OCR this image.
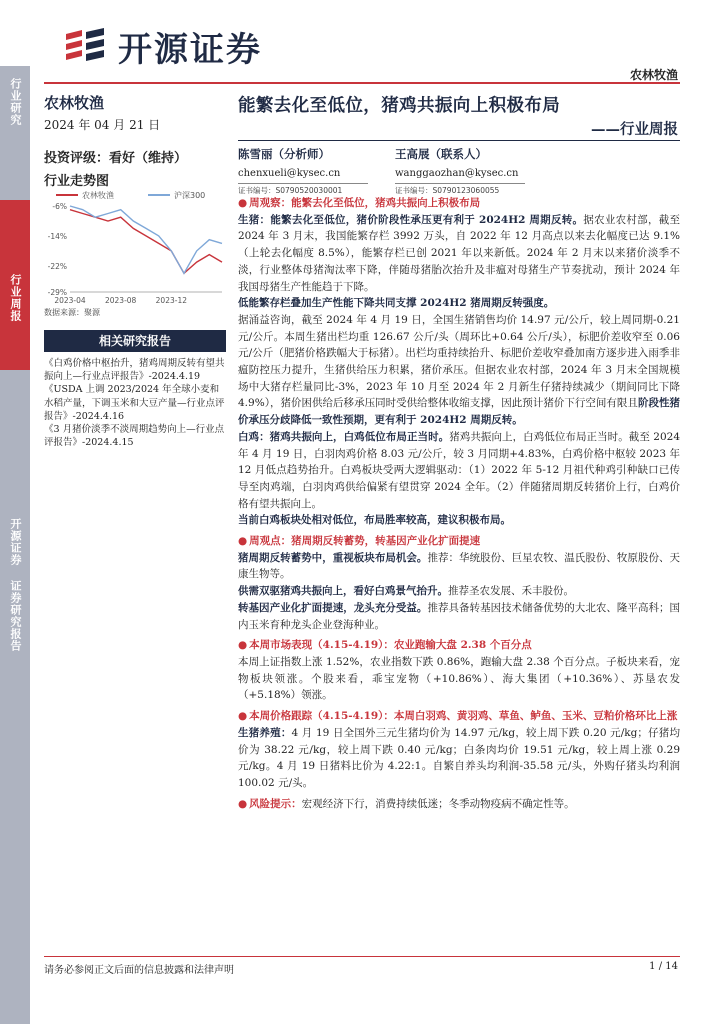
开源证券
农林牧渔
行业研究
行业周报
开源证券 证券研究报告
农林牧渔
2024 年 04 月 21 日
投资评级：看好（维持）
行业走势图
农林牧渔	沪深300
-6%
-14%
-22%
-29%
2023-04	2023-08	2023-12
数据来源：聚源
相关研究报告
《白鸡价格中枢抬升，猪鸡周期反转有望共振向上—行业点评报告》-2024.4.19
《USDA 上调 2023/2024 年全球小麦和水稻产量，下调玉米和大豆产量—行业点评报告》-2024.4.16
《3 月猪价淡季不淡周期趋势向上—行业点评报告》-2024.4.15
能繁去化至低位，猪鸡共振向上积极布局
——行业周报
陈雪丽（分析师）
chenxueli@kysec.cn
证书编号：S0790520030001
王高展（联系人）
wanggaozhan@kysec.cn
证书编号：S0790123060055

● 周观察：能繁去化至低位，猪鸡共振向上积极布局

生猪：能繁去化至低位，猪价阶段性承压更有利于 2024H2 周期反转。据农业农村部，截至 2024 年 3 月末，我国能繁存栏 3992 万头，自 2022 年 12 月高点以来去化幅度已达 9.1%（上轮去化幅度 8.5%），能繁存栏已创 2021 年以来新低。2024 年 2 月末以来猪价淡季不淡，行业整体母猪淘汰率下降，伴随母猪胎次抬升及非瘟对母猪生产节奏扰动，预计 2024 年我国母猪生产性能趋于下降。

低能繁存栏叠加生产性能下降共同支撑 2024H2 猪周期反转强度。

据涌益咨询，截至 2024 年 4 月 19 日，全国生猪销售均价 14.97 元/公斤，较上周同期-0.21 元/公斤。本周生猪出栏均重 126.67 公斤/头（周环比+0.64 公斤/头），标肥价差收窄至 0.06 元/公斤（肥猪价格跌幅大于标猪）。出栏均重持续抬升、标肥价差收窄叠加南方逐步进入雨季非瘟防控压力提升，生猪供给压力积累，猪价承压。但据农业农村部，2024 年 3 月末全国规模场中大猪存栏量同比-3%，2023 年 10 月至 2024 年 2 月新生仔猪持续减少（期间同比下降 4.9%），猪价困供给后移承压同时受供给整体收缩支撑，因此预计猪价下行空间有限且阶段性猪价承压分歧降低一致性预期，更有利于 2024H2 周期反转。

白鸡：猪鸡共振向上，白鸡低位布局正当时。猪鸡共振向上，白鸡低位布局正当时。截至 2024 年 4 月 19 日，白羽肉鸡价格 8.03 元/公斤，较 3 月同期+4.83%，白鸡价格中枢较 2023 年 12 月低点趋势抬升。白鸡板块受两大逻辑驱动：（1）2022 年 5-12 月祖代种鸡引种缺口已传导至肉鸡端，白羽肉鸡供给偏紧有望贯穿 2024 全年。（2）伴随猪周期反转猪价上行，白鸡价格有望共振向上。

当前白鸡板块处相对低位，布局胜率较高，建议积极布局。

● 周观点：猪周期反转蓄势，转基因产业化扩面提速

猪周期反转蓄势中，重视板块布局机会。推荐：华统股份、巨星农牧、温氏股份、牧原股份、天康生物等。

供需双驱猪鸡共振向上，看好白鸡景气抬升。推荐圣农发展、禾丰股份。

转基因产业化扩面提速，龙头充分受益。推荐具备转基因技术储备优势的大北农、隆平高科；国内玉米育种龙头企业登海种业。

● 本周市场表现（4.15-4.19）：农业跑输大盘 2.38 个百分点

本周上证指数上涨 1.52%，农业指数下跌 0.86%，跑输大盘 2.38 个百分点。子板块来看，宠物板块领涨。个股来看，乖宝宠物（+10.86%）、海大集团（+10.36%）、苏垦农发（+5.18%）领涨。

● 本周价格跟踪（4.15-4.19）：本周白羽鸡、黄羽鸡、草鱼、鲈鱼、玉米、豆粕价格环比上涨

生猪养殖：4 月 19 日全国外三元生猪均价为 14.97 元/kg，较上周下跌 0.20 元/kg；仔猪均价为 38.22 元/kg，较上周下跌 0.40 元/kg；白条肉均价 19.51 元/kg，较上周上涨 0.29 元/kg。4 月 19 日猪料比价为 4.22:1。自繁自养头均利润-35.58 元/头，外购仔猪头均利润 100.02 元/头。

● 风险提示：宏观经济下行，消费持续低迷；冬季动物疫病不确定性等。

请务必参阅正文后面的信息披露和法律声明	1 / 14
